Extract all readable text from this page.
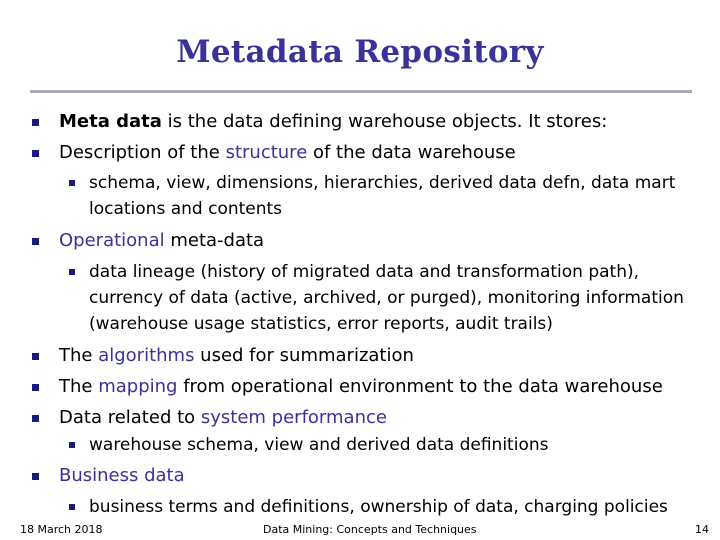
Metadata Repository
Meta data is the data defining warehouse objects. It stores:
Description of the structure of the data warehouse
schema, view, dimensions, hierarchies, derived data defn, data mart locations and contents
Operational meta-data
data lineage (history of migrated data and transformation path), currency of data (active, archived, or purged), monitoring information (warehouse usage statistics, error reports, audit trails)
The algorithms used for summarization
The mapping from operational environment to the data warehouse
Data related to system performance
warehouse schema, view and derived data definitions
Business data
business terms and definitions, ownership of data, charging policies
18 March 2018	Data Mining: Concepts and Techniques	14
